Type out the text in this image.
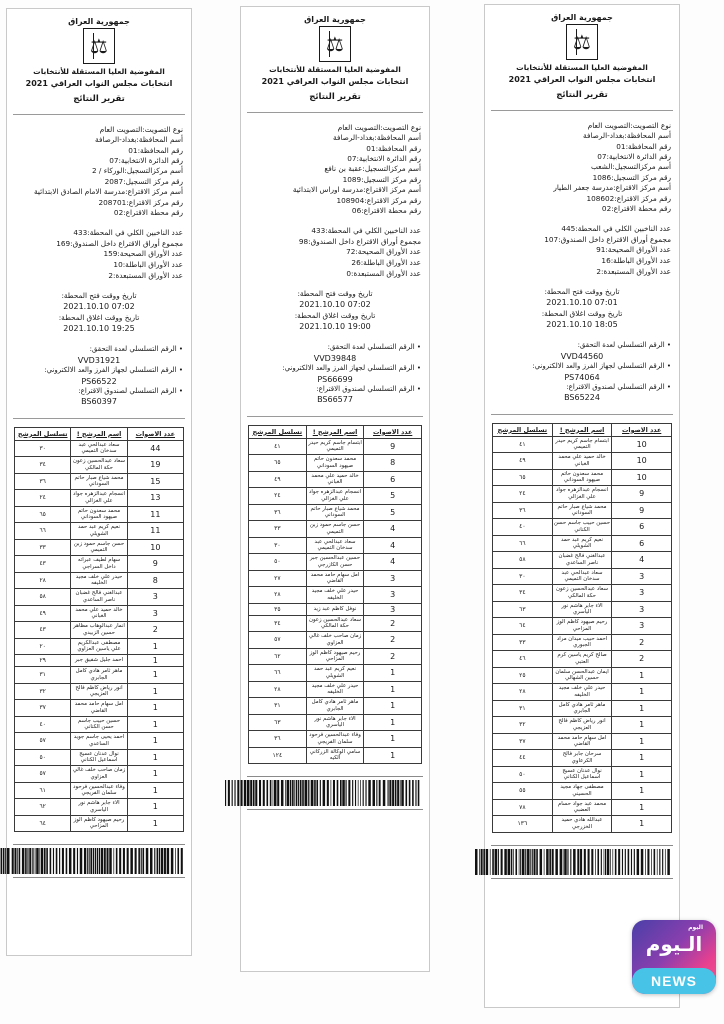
جمهورية العراق
⚖
المفوضية العليا المستقلة للأنتخابات
انتخابات مجلس النواب العراقي 2021
تقرير النتائج
نوع التصويت:التصويت العام
أسم المحافظة:بغداد-الرصافة
رقم المحافظة:01
رقم الدائرة الانتخابية:07
أسم مركزالتسجيل:الوركاء / 2
رقم مركز التسجيل:2087
أسم مركز الاقتراع:مدرسة الامام الصادق الابتدائية
رقم مركز الاقتراع:208701
رقم محطة الاقتراع:02
عدد الناخبين الكلي في المحطة:433
مجموع أوراق الاقتراع داخل الصندوق:169
عدد الأوراق الصحيحة:159
عدد الأوراق الباطلة:10
عدد الأوراق المستبعدة:2
تاريخ ووقت فتح المحطة:
2021.10.10 07:02
تاريخ ووقت اغلاق المحطة:
2021.10.10 19:25
• الرقم التسلسلي لعدة التحقق:
VVD31921
• الرقم التسلسلي لجهاز الفرز والعد الالكتروني:
PS66522
• الرقم التسلسلي لصندوق الاقتراع:
BS60397
عدد الاصوات	اسم المرشح !	تسلسل المرشح
44	سعاد عبدالحي عبد سدخان التميمي	٣٠
19	سعاد عبدالحسين زعون حكة المالكي	٣٤
15	محمد شياع صبار حاتم السوداني	٣٦
13	انسجام عبدالزهره جواد علي الغزالي	٢٤
11	محمد سعدون حاتم صيهود السوداني	٦٥
11	نعيم كريم عبد حمد الشويلي	٦٦
10	حسن جاسم حمود زبن التميمي	٣٣
9	سهام لطيف عبراته داخل السراجي	٤٣
8	حيدر علي خلف مجيد الخليفه	٢٨
3	عبدالغني فالح غضبان ناصر الساعدي	٥٨
3	خالد حميد علي محمد الغباني	٤٩
2	انمار عبدالوهاب مظاهر حسين الزبيدي	٤٣
1	مصطفى عبدالكريم علي ياسين العزاوي	٢٠
1	احمد جليل شفيق جبر	٢٩
1	ماهر ثامر هادي كامل الجابري	٣١
1	انور رياض كاظم فالح العزيجي	٣٢
1	امل سهام حامد محمد القاضي	٣٧
1	حسين حبيب جاسم حسن الكناني	٤٠
1	احمد يحيى جاسم جويد الساعدي	٥٧
1	نوال عدنان عسيج اسماعيل الكناني	٥٠
1	زمان صاحب خلف غالي العزاوي	٥٧
1	وفاء عبدالحسين فرحود سلمان الفريجي	٦١
1	الاء جابر هاشم نور الياسري	٦٢
1	رحيم صيهود كاظم الوز المزاحي	٦٤
جمهورية العراق
⚖
المفوضية العليا المستقلة للأنتخابات
انتخابات مجلس النواب العراقي 2021
تقرير النتائج
نوع التصويت:التصويت العام
أسم المحافظة:بغداد-الرصافة
رقم المحافظة:01
رقم الدائرة الانتخابية:07
أسم مركزالتسجيل:عقبة بن نافع
رقم مركز التسجيل:1089
أسم مركز الاقتراع:مدرسة اوراس الابتدائية
رقم مركز الاقتراع:108904
رقم محطة الاقتراع:06
عدد الناخبين الكلي في المحطة:433
مجموع أوراق الاقتراع داخل الصندوق:98
عدد الأوراق الصحيحة:72
عدد الأوراق الباطلة:26
عدد الأوراق المستبعدة:0
تاريخ ووقت فتح المحطة:
2021.10.10 07:02
تاريخ ووقت اغلاق المحطة:
2021.10.10 19:00
• الرقم التسلسلي لعدة التحقق:
VVD39848
• الرقم التسلسلي لجهاز الفرز والعد الالكتروني:
PS66699
• الرقم التسلسلي لصندوق الاقتراع:
BS66577
عدد الاصوات	اسم المرشح !	تسلسل المرشح
9	ابتسام جاسم كريم حيدر التميمي	٤١
8	محمد سعدون حاتم صيهود السوداني	٦٥
6	خالد حميد علي محمد الغباني	٤٩
5	انسجام عبدالزهره جواد علي الغزالي	٢٤
5	محمد شياع صبار حاتم السوداني	٣٦
4	حسن جاسم حمود زبن التميمي	٣٣
4	سعاد عبدالحي عبد سدخان التميمي	٣٠
4	حسين عبدالحسين جبر حسن الكازرجي	٥٠
3	امل سهام حامد محمد القاضي	٢٧
3	حيدر علي خلف مجيد الخليفه	٢٨
3	نوفل كاظم عبد زيد	٣٥
2	سعاد عبدالحسين زعون حكة المالكي	٣٤
2	زمان صاحب خلف غالي العزاوي	٥٧
2	رحيم صيهود كاظم الوز المزاحي	٦٢
1	نعيم كريم عبد حمد الشويلي	٦٦
1	حيدر علي خلف مجيد الخليفه	٢٨
1	ماهر ثامر هادي كامل الجابري	٣١
1	الاء جابر هاشم نور الياسري	٦٣
1	وفاء عبدالحسين فرحود سلمان الفريجي	٣٦
1	سامي الوكالة الزركاني الكيه	١٢٤
جمهورية العراق
⚖
المفوضية العليا المستقلة للأنتخابات
انتخابات مجلس النواب العراقي 2021
تقرير النتائج
نوع التصويت:التصويت العام
أسم المحافظة:بغداد-الرصافة
رقم المحافظة:01
رقم الدائرة الانتخابية:07
أسم مركزالتسجيل:الشعب
رقم مركز التسجيل:1086
أسم مركز الاقتراع:مدرسة جعفر الطيار
رقم مركز الاقتراع:108602
رقم محطة الاقتراع:02
عدد الناخبين الكلي في المحطة:445
مجموع أوراق الاقتراع داخل الصندوق:107
عدد الأوراق الصحيحة:91
عدد الأوراق الباطلة:16
عدد الأوراق المستبعدة:2
تاريخ ووقت فتح المحطة:
2021.10.10 07:01
تاريخ ووقت اغلاق المحطة:
2021.10.10 18:05
• الرقم التسلسلي لعدة التحقق:
VVD44560
• الرقم التسلسلي لجهاز الفرز والعد الالكتروني:
PS74064
• الرقم التسلسلي لصندوق الاقتراع:
BS65224
عدد الاصوات	اسم المرشح !	تسلسل المرشح
10	ابتسام جاسم كريم حيدر التميمي	٤١
10	خالد حميد علي محمد الغباني	٤٩
10	محمد سعدون حاتم صيهود السوداني	٦٥
9	انسجام عبدالزهره جواد علي الغزالي	٢٤
9	محمد شياع صبار حاتم السوداني	٣٦
6	حسين حبيب جاسم حسن الكناني	٤٠
6	نعيم كريم عبد حمد الشويلي	٦٦
4	عبدالغني فالح غضبان ناصر الساعدي	٥٨
3	سعاد عبدالحي عبد سدخان التميمي	٣٠
3	سعاد عبدالحسين زعون حكة المالكي	٣٤
3	الاء جابر هاشم نور الياسري	٦٣
3	رحيم صيهود كاظم الوز المزاحي	٦٤
2	احمد حبيب ميدان مراد الجبوري	٣٣
2	صالح كريم ياسين كرم العتبي	٤٦
1	ايمان عبدالحسن سلمان حسين الشهالي	٢٥
1	حيدر علي خلف مجيد الخليفه	٢٨
1	ماهر ثامر هادي كامل الجابري	٣١
1	انور رياض كاظم فالح العزيجي	٣٢
1	امل سهام حامد محمد القاضي	٣٧
1	سرحان جابر فالح الكرعاوي	٤٤
1	نوال عدنان عسيج اسماعيل الكناني	٥٠
1	مصطفى جهاد مجيد الحسيني	٥٥
1	محمد عبد جواد حسام العضبي	٧٨
1	عبدالله هادي حميد الخزرجي	١٣٦
اليوم
الـيوم
NEWS
